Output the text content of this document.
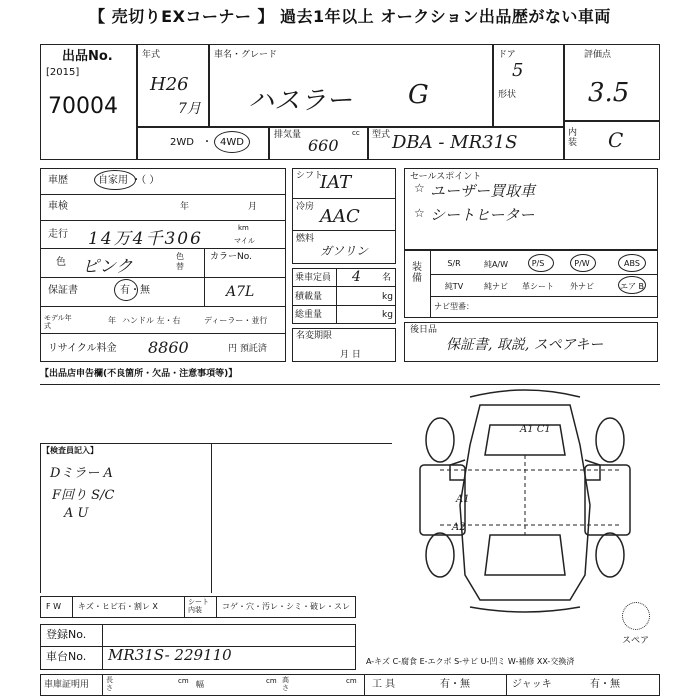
【 売切りEXコーナー 】 過去1年以上 オークション出品歴がない車両
出品No.
[2015]
70004
年式
H26
7月
車名・グレード
ハスラー G
ドア
5
形状
評価点
3.5
内装 C
2WD ・ 4WD
排気量	cc
660
型式 DBA - MR31S
車歴	自家用 ・（ ）
車検	年	月
走行 14万4千306
km
マイル
色 ピンク
色替
カラーNo.
A7L
保証書	有・無
モデル年式
年 ハンドル 左・右	ディーラー・並行
リサイクル料金 8860	円 預託済
シフト
IAT
冷房 AAC
燃料
ガソリン
乗車定員 4 名
積載量	kg
総重量	kg
名変期限
月 日
セールスポイント
ユーザー買取車
シートヒーター
☆
☆
装備
S/R	純A/W	P/S	P/W	ABS
純TV	純ナビ	革シート	外ナビ	エア B
ナビ型番：
後日品
保証書, 取説, スペアキー
【出品店申告欄(不良箇所・欠品・注意事項等)】
【検査員記入】
Dミラー A
F回り S/C
A U
A1 C1
A1
A2
F W キズ・ヒビ石・割レ X	シート内装	コゲ・穴・汚レ・シミ・破レ・スレ
登録No.
車台No. MR31S- 229110
スペア
A-キズ C-腐食 E-エクボ S-サビ U-凹ミ W-補修 XX-交換済
車庫証明用 長さ
cm 幅	cm 高さ
cm 工 具	有・無	ジャッキ	有・無
